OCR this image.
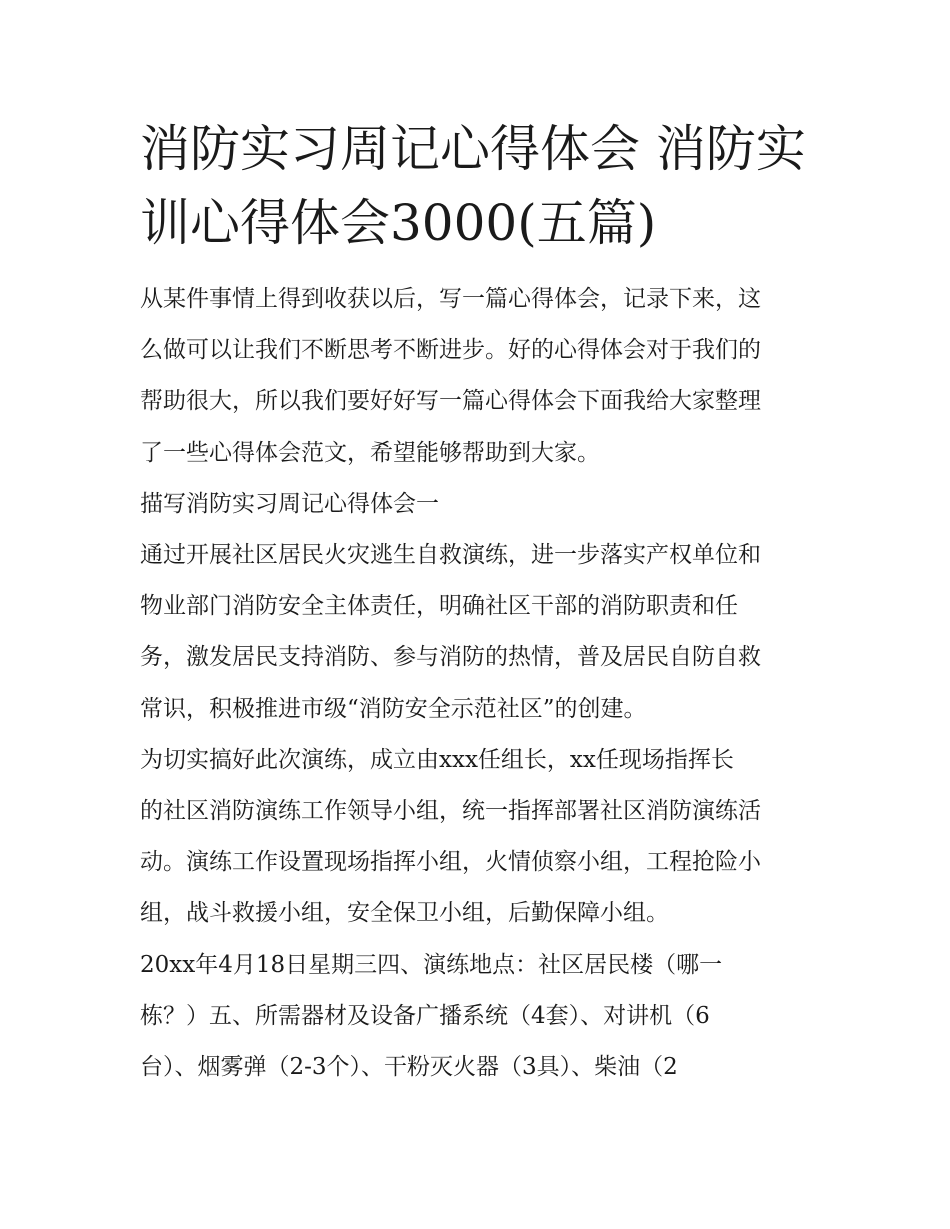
消防实习周记心得体会 消防实
训心得体会3000(五篇)
从某件事情上得到收获以后，写一篇心得体会，记录下来，这
么做可以让我们不断思考不断进步。好的心得体会对于我们的
帮助很大，所以我们要好好写一篇心得体会下面我给大家整理
了一些心得体会范文，希望能够帮助到大家。
描写消防实习周记心得体会一
通过开展社区居民火灾逃生自救演练，进一步落实产权单位和
物业部门消防安全主体责任，明确社区干部的消防职责和任
务，激发居民支持消防、参与消防的热情，普及居民自防自救
常识，积极推进市级“消防安全示范社区”的创建。
为切实搞好此次演练，成立由xxx任组长，xx任现场指挥长
的社区消防演练工作领导小组，统一指挥部署社区消防演练活
动。演练工作设置现场指挥小组，火情侦察小组，工程抢险小
组，战斗救援小组，安全保卫小组，后勤保障小组。
20xx年4月18日星期三四、演练地点：社区居民楼（哪一
栋？）五、所需器材及设备广播系统（4套）、对讲机（6
台）、烟雾弹（2-3个）、干粉灭火器（3具）、柴油（2
